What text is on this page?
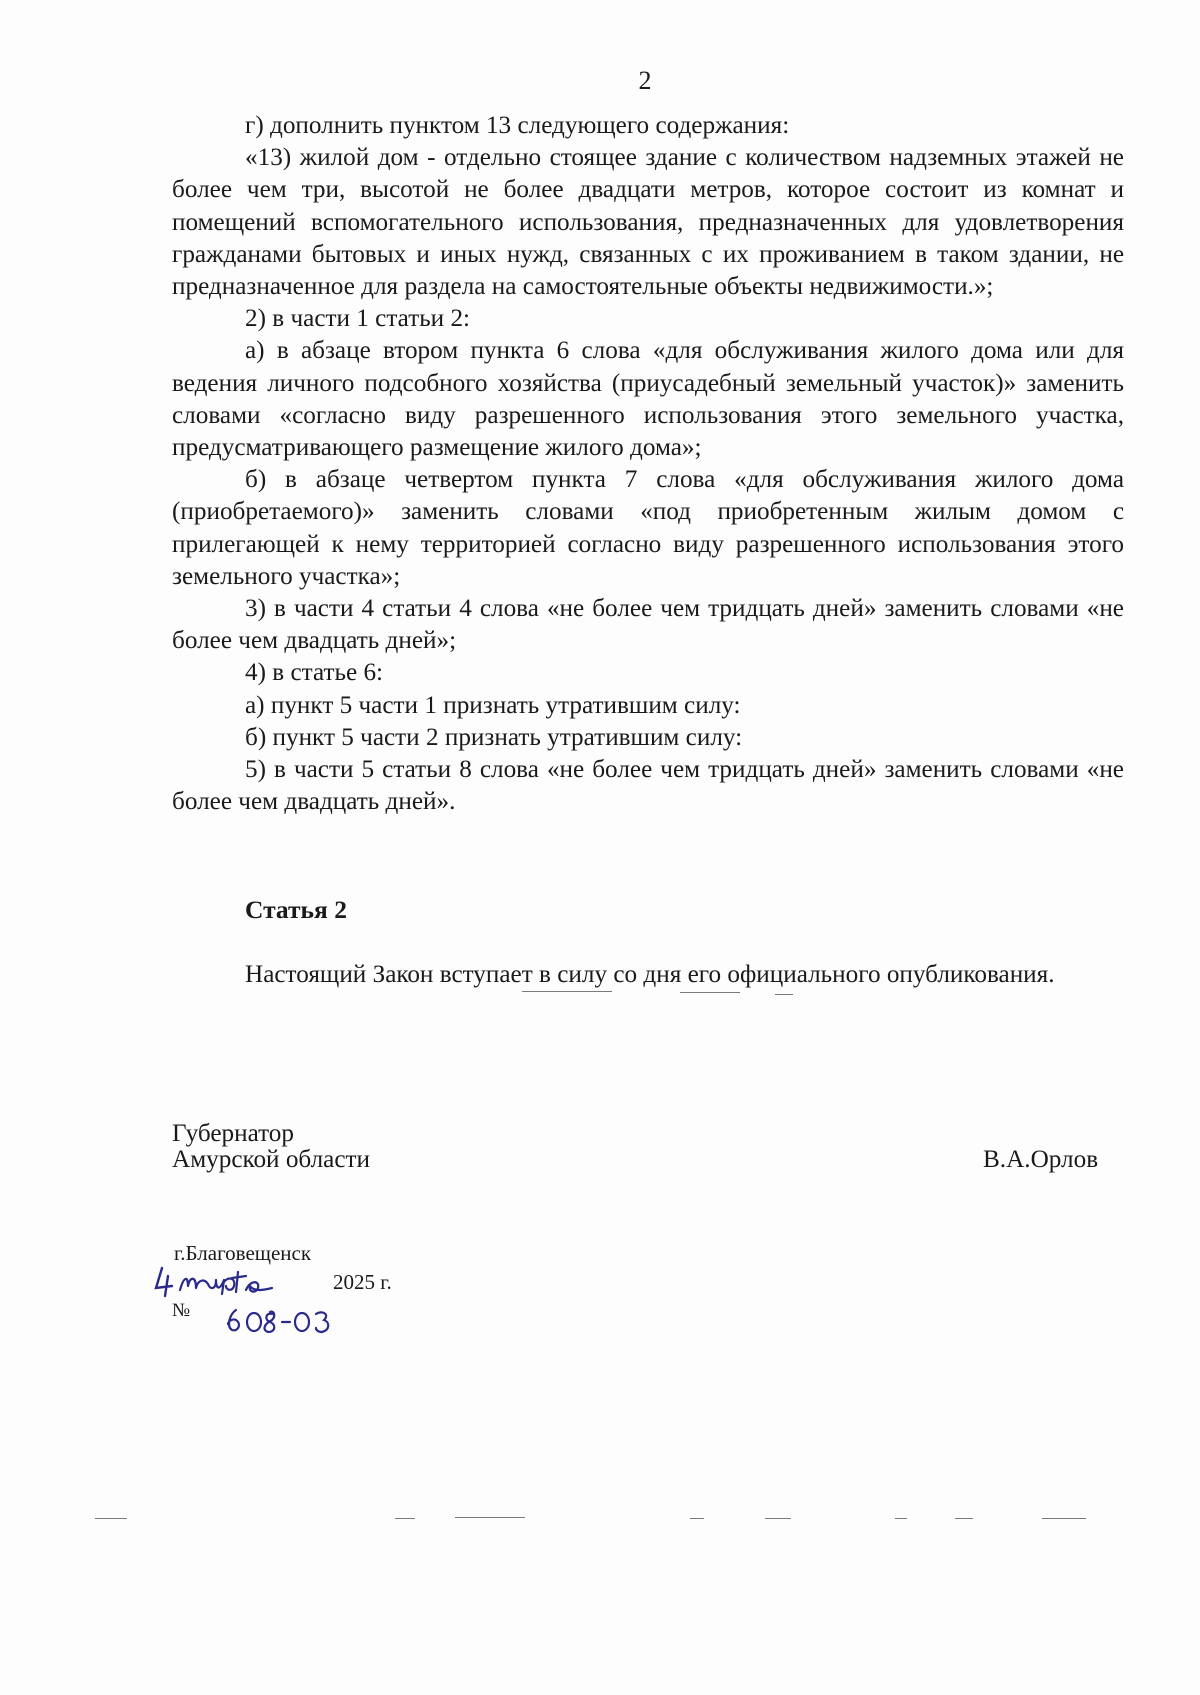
2

г) дополнить пунктом 13 следующего содержания:

«13) жилой дом - отдельно стоящее здание с количеством надземных этажей не более чем три, высотой не более двадцати метров, которое состоит из комнат и помещений вспомогательного использования, предназначенных для удовлетворения гражданами бытовых и иных нужд, связанных с их проживанием в таком здании, не предназначенное для раздела на самостоятельные объекты недвижимости.»;

2) в части 1 статьи 2:

а) в абзаце втором пункта 6 слова «для обслуживания жилого дома или для ведения личного подсобного хозяйства (приусадебный земельный участок)» заменить словами «согласно виду разрешенного использования этого земельного участка, предусматривающего размещение жилого дома»;

б) в абзаце четвертом пункта 7 слова «для обслуживания жилого дома (приобретаемого)» заменить словами «под приобретенным жилым домом с прилегающей к нему территорией согласно виду разрешенного использования этого земельного участка»;

3) в части 4 статьи 4 слова «не более чем тридцать дней» заменить словами «не более чем двадцать дней»;

4) в статье 6:

а) пункт 5 части 1 признать утратившим силу:

б) пункт 5 части 2 признать утратившим силу:

5) в части 5 статьи 8 слова «не более чем тридцать дней» заменить словами «не более чем двадцать дней».

Статья 2

Настоящий Закон вступает в силу со дня его официального опубликования.

Губернатор
Амурской области	В.А.Орлов
г.Благовещенск
2025 г.
№
